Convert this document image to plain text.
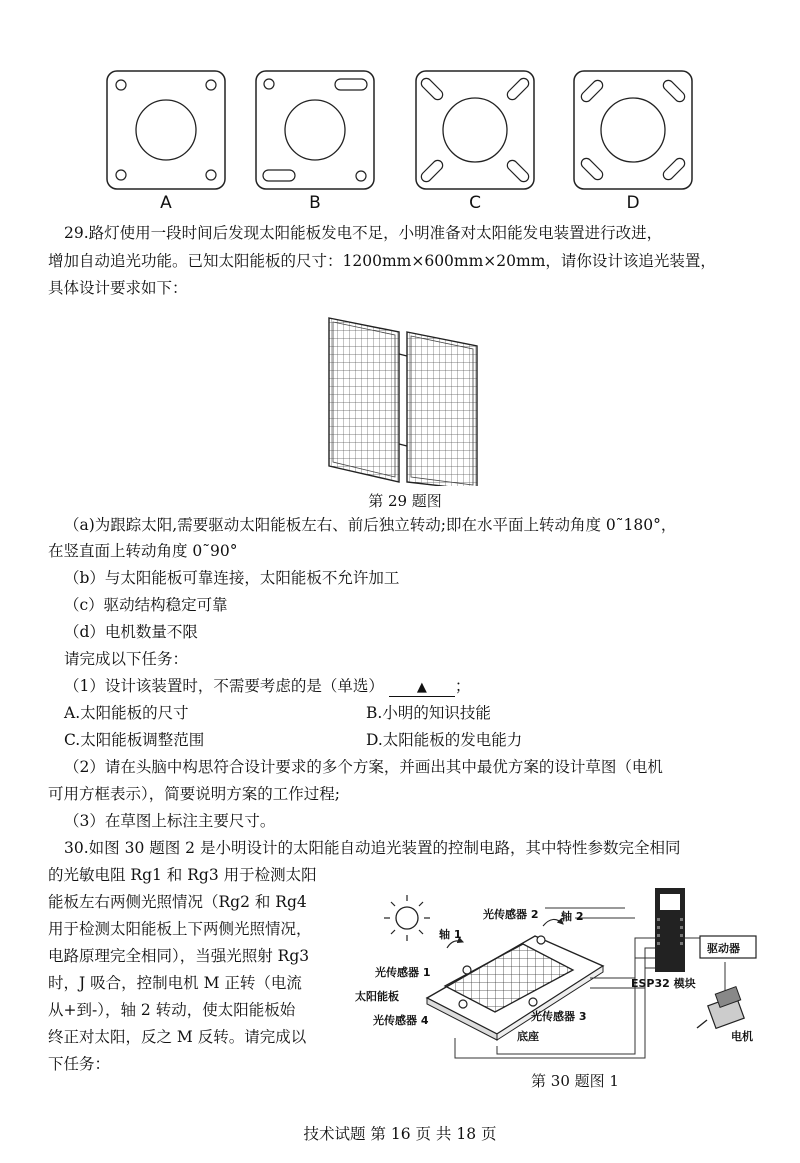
A	B	C	D
29.路灯使用一段时间后发现太阳能板发电不足，小明准备对太阳能发电装置进行改进，
增加自动追光功能。已知太阳能板的尺寸：1200mm×600mm×20mm，请你设计该追光装置，
具体设计要求如下：
第 29 题图
（a)为跟踪太阳,需要驱动太阳能板左右、前后独立转动;即在水平面上转动角度 0˜180°，
在竖直面上转动角度 0˜90°
（b）与太阳能板可靠连接，太阳能板不允许加工
（c）驱动结构稳定可靠
（d）电机数量不限
请完成以下任务：
（1）设计该装置时，不需要考虑的是（单选）	▲ ；
A.太阳能板的尺寸	B.小明的知识技能
C.太阳能板调整范围	D.太阳能板的发电能力
（2）请在头脑中构思符合设计要求的多个方案，并画出其中最优方案的设计草图（电机
可用方框表示），简要说明方案的工作过程;
（3）在草图上标注主要尺寸。
30.如图 30 题图 2 是小明设计的太阳能自动追光装置的控制电路，其中特性参数完全相同
的光敏电阻 Rg1 和 Rg3 用于检测太阳
能板左右两侧光照情况（Rg2 和 Rg4
用于检测太阳能板上下两侧光照情况，
电路原理完全相同），当强光照射 Rg3
时，J 吸合，控制电机 M 正转（电流
从+到-），轴 2 转动，使太阳能板始
终正对太阳，反之 M 反转。请完成以
下任务：
光传感器 2 轴 2
轴 1
光传感器 1
太阳能板
光传感器 3
光传感器 4
底座
ESP32 模块
驱动器
电机
第 30 题图 1
技术试题 第 16 页 共 18 页
